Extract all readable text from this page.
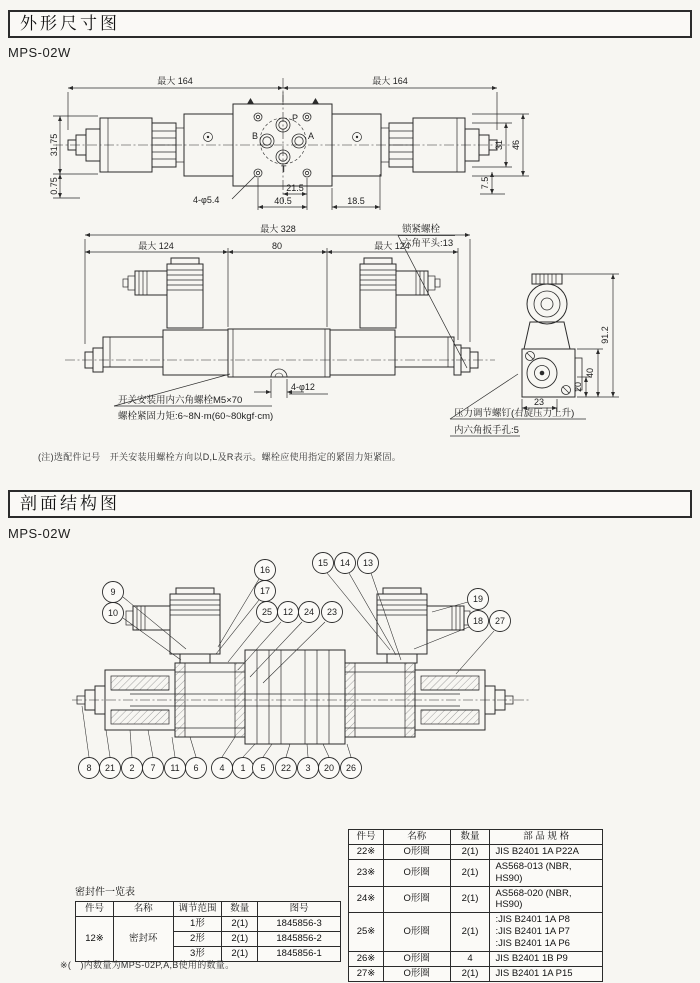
外形尺寸图
MPS-02W
最大 164	最大 164
31.75
0.75
31 46
7.5
21.5
40.5	18.5
4-φ5.4
P
B	A
T
最大 328
最大 124	80	最大 124
锁紧螺栓
六角平头:13
91.2
40
20
23
4-φ12
开关安装用内六角螺栓M5×70
螺栓紧固力矩:6~8N·m(60~80kgf·cm)	压力调节螺钉(右旋压力上升)
内六角扳手孔:5
(注)选配件记号　开关安装用螺栓方向以D,L及R表示。螺栓应使用指定的紧固力矩紧固。
剖面结构图
MPS-02W
9
10
16
17
25 12 24 23
15 14 13
19
18 27
8 21 2 7 11 6 4 1 5 22 3 20 26
件号	名称	数量	部 品 规 格
22※	O形圈	2(1)	JIS B2401 1A P22A
23※	O形圈	2(1)	AS568-013 (NBR, HS90)
24※	O形圈	2(1)	AS568-020 (NBR, HS90)
25※	O形圈	2(1)	:JIS B2401 1A P8
:JIS B2401 1A P7
:JIS B2401 1A P6

26※	O形圈	4	JIS B2401 1B P9
27※	O形圈	2(1)	JIS B2401 1A P15
密封件一览表
件号	名称	调节范围	数量	图号
12※	密封环	1形	2(1)	1845856-3
		2形	2(1)	1845856-2
		3形	2(1)	1845856-1
※(　)内数量为MPS-02P,A,B使用的数量。
